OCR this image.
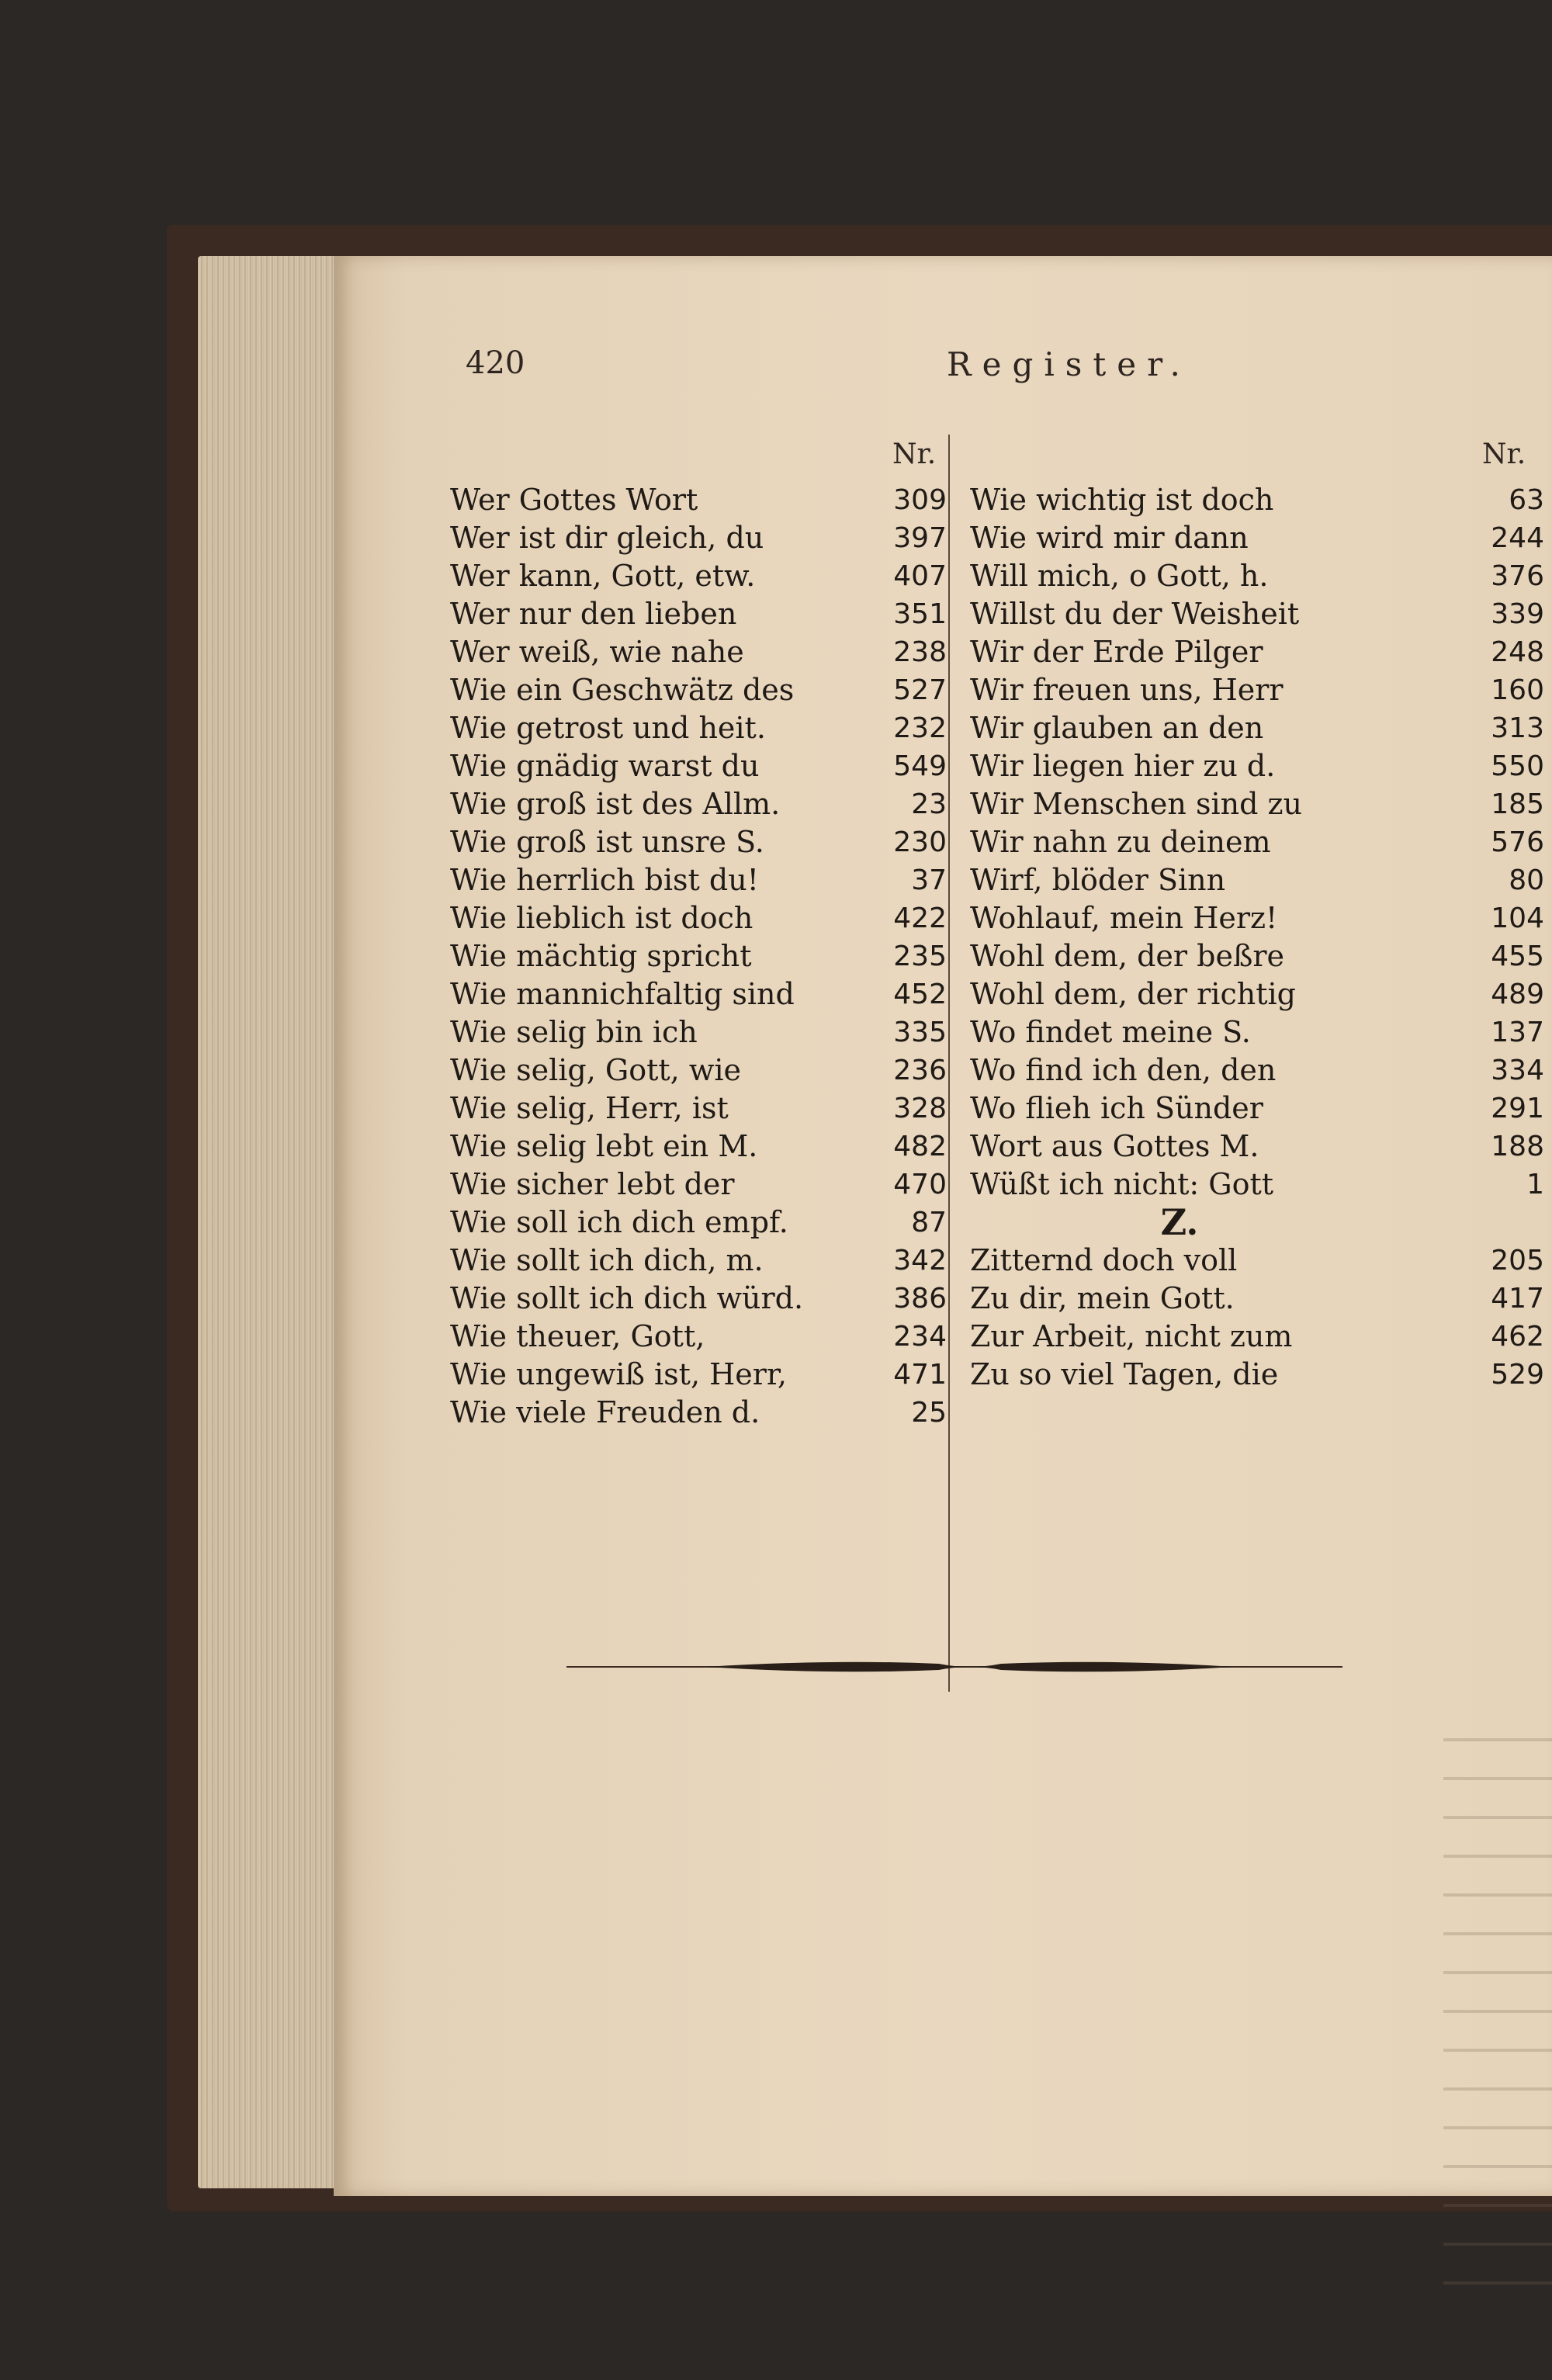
420	Register.
Nr.	Nr.
Wer Gottes Wort	309
Wer ist dir gleich, du	397
Wer kann, Gott, etw.	407
Wer nur den lieben	351
Wer weiß, wie nahe	238
Wie ein Geschwätz des	527
Wie getrost und heit.	232
Wie gnädig warst du	549
Wie groß ist des Allm.	23
Wie groß ist unsre S.	230
Wie herrlich bist du!	37
Wie lieblich ist doch	422
Wie mächtig spricht	235
Wie mannichfaltig sind	452
Wie selig bin ich	335
Wie selig, Gott, wie	236
Wie selig, Herr, ist	328
Wie selig lebt ein M.	482
Wie sicher lebt der	470
Wie soll ich dich empf.	87
Wie sollt ich dich, m.	342
Wie sollt ich dich würd.	386
Wie theuer, Gott,	234
Wie ungewiß ist, Herr,	471
Wie viele Freuden d.	25
Wie wichtig ist doch	63
Wie wird mir dann	244
Will mich, o Gott, h.	376
Willst du der Weisheit	339
Wir der Erde Pilger	248
Wir freuen uns, Herr	160
Wir glauben an den	313
Wir liegen hier zu d.	550
Wir Menschen sind zu	185
Wir nahn zu deinem	576
Wirf, blöder Sinn	80
Wohlauf, mein Herz!	104
Wohl dem, der beßre	455
Wohl dem, der richtig	489
Wo findet meine S.	137
Wo find ich den, den	334
Wo flieh ich Sünder	291
Wort aus Gottes M.	188
Wüßt ich nicht: Gott	1
Z.
Zitternd doch voll	205
Zu dir, mein Gott.	417
Zur Arbeit, nicht zum	462
Zu so viel Tagen, die	529
